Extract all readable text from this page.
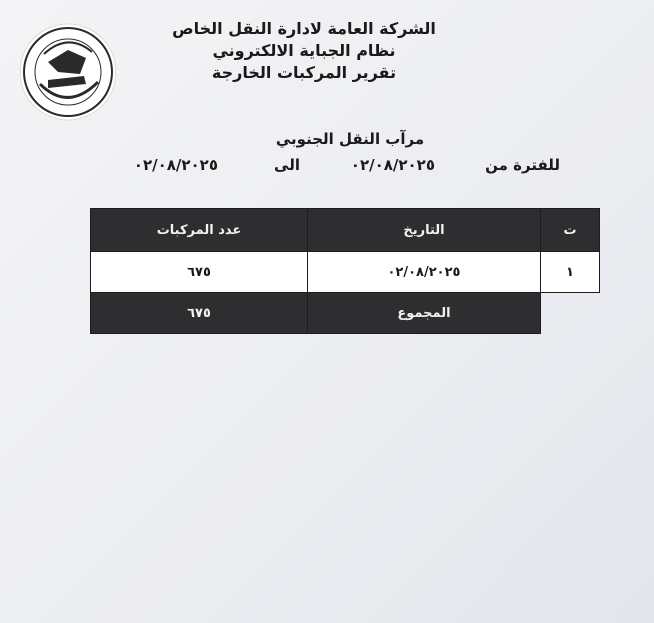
الشركة العامة لادارة النقل الخاص
نظام الجباية الالكتروني
تقرير المركبات الخارجة
مرآب النقل الجنوبي
للفترة من
٠٢/٠٨/٢٠٢٥
الى
٠٢/٠٨/٢٠٢٥
ت	التاريخ	عدد المركبات
١	٠٢/٠٨/٢٠٢٥	٦٧٥
	المجموع	٦٧٥
